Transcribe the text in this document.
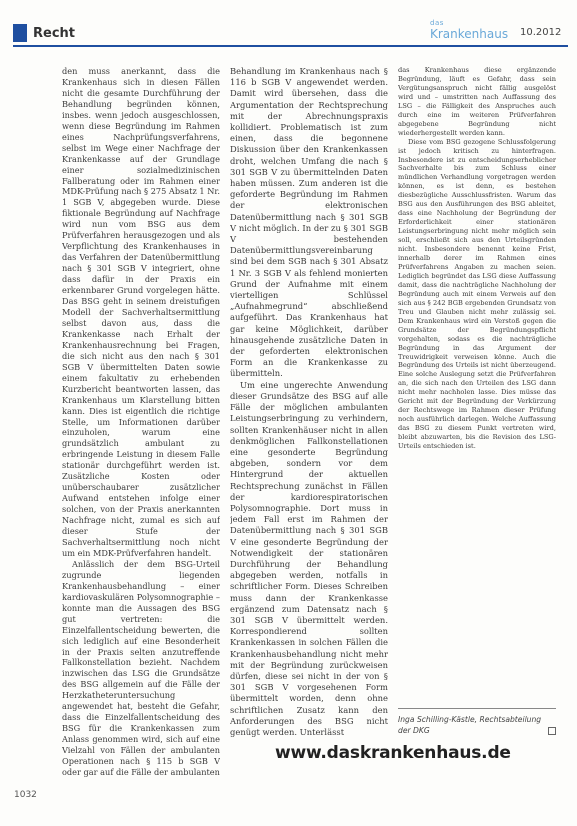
Recht
das
Krankenhaus 10.2012

den muss anerkannt, dass die Krankenhaus sich in diesen Fällen nicht die gesamte Durchführung der Behandlung begründen können, insbes. wenn jedoch ausgeschlossen, wenn diese Begründung im Rahmen eines Nachprüfungsverfahrens, selbst im Wege einer Nachfrage der Krankenkasse auf der Grundlage einer sozialmedizinischen Fallberatung oder im Rahmen einer MDK-Prüfung nach § 275 Absatz 1 Nr. 1 SGB V, abgegeben wurde. Diese fiktionale Begründung auf Nachfrage wird nun vom BSG aus dem Prüfverfahren herausgezogen und als Verpflichtung des Krankenhauses in das Verfahren der Datenübermittlung nach § 301 SGB V integriert, ohne dass dafür in der Praxis ein erkennbarer Grund vorgelegen hätte. Das BSG geht in seinem dreistufigen Modell der Sachverhaltsermittlung selbst davon aus, dass die Krankenkasse nach Erhalt der Krankenhausrechnung bei Fragen, die sich nicht aus den nach § 301 SGB V übermittelten Daten sowie einem fakultativ zu erhebenden Kurzbericht beantworten lassen, das Krankenhaus um Klarstellung bitten kann. Dies ist eigentlich die richtige Stelle, um Informationen darüber einzuholen, warum eine grundsätzlich ambulant zu erbringende Leistung in diesem Falle stationär durchgeführt werden ist. Zusätzliche Kosten oder unüberschaubarer zusätzlicher Aufwand entstehen infolge einer solchen, von der Praxis anerkannten Nachfrage nicht, zumal es sich auf dieser Stufe der Sachverhaltsermittlung noch nicht um ein MDK-Prüfverfahren handelt.

Anlässlich der dem BSG-Urteil zugrunde liegenden Krankenhausbehandlung – einer kardiovaskulären Polysomnographie – konnte man die Aussagen des BSG gut vertreten: die Einzelfallentscheidung bewerten, die sich lediglich auf eine Besonderheit in der Praxis selten anzutreffende Fallkonstellation bezieht. Nachdem inzwischen das LSG die Grundsätze des BSG allgemein auf die Fälle der Herzkatheteruntersuchung angewendet hat, besteht die Gefahr, dass die Einzelfallentscheidung des BSG für die Krankenkassen zum Anlass genommen wird, sich auf eine Vielzahl von Fällen der ambulanten Operationen nach § 115 b SGB V oder gar auf die Fälle der ambulanten

Behandlung im Krankenhaus nach § 116 b SGB V angewendet werden. Damit wird übersehen, dass die Argumentation der Rechtsprechung mit der Abrechnungspraxis kollidiert. Problematisch ist zum einen, dass die begonnene Diskussion über den Krankenkassen droht, welchen Umfang die nach § 301 SGB V zu übermittelnden Daten haben müssen. Zum anderen ist die geforderte Begründung im Rahmen der elektronischen Datenübermittlung nach § 301 SGB V nicht möglich. In der zu § 301 SGB V bestehenden Datenübermittlungsvereinbarung sind bei dem SGB nach § 301 Absatz 1 Nr. 3 SGB V als fehlend monierten Grund der Aufnahme mit einem viertelligen Schlüssel „Aufnahmegrund“ abschließend aufgeführt. Das Krankenhaus hat gar keine Möglichkeit, darüber hinausgehende zusätzliche Daten in der geforderten elektronischen Form an die Krankenkasse zu übermitteln.

Um eine ungerechte Anwendung dieser Grundsätze des BSG auf alle Fälle der möglichen ambulanten Leistungserbringung zu verhindern, sollten Krankenhäuser nicht in allen denkmöglichen Fallkonstellationen eine gesonderte Begründung abgeben, sondern vor dem Hintergrund der aktuellen Rechtsprechung zunächst in Fällen der kardiorespiratorischen Polysomnographie. Dort muss in jedem Fall erst im Rahmen der Datenübermittlung nach § 301 SGB V eine gesonderte Begründung der Notwendigkeit der stationären Durchführung der Behandlung abgegeben werden, notfalls in schriftlicher Form. Dieses Schreiben muss dann der Krankenkasse ergänzend zum Datensatz nach § 301 SGB V übermittelt werden. Korrespondierend sollten Krankenkassen in solchen Fällen die Krankenhausbehandlung nicht mehr mit der Begründung zurückweisen dürfen, diese sei nicht in der von § 301 SGB V vorgesehenen Form übermittelt worden, denn ohne schriftlichen Zusatz kann den Anforderungen des BSG nicht genügt werden. Unterlässt

das Krankenhaus diese ergänzende Begründung, läuft es Gefahr, dass sein Vergütungsanspruch nicht fällig ausgelöst wird und – umstritten nach Auffassung des LSG – die Fälligkeit des Anspruches auch durch eine im weiteren Prüfverfahren abgegebene Begründung nicht wiederhergestellt werden kann.

Diese vom BSG gezogene Schlussfolgerung ist jedoch kritisch zu hinterfragen. Insbesondere ist zu entscheidungserheblicher Sachverhalte bis zum Schluss einer mündlichen Verhandlung vorgetragen werden können, es ist denn, es bestehen diesbezügliche Ausschlussfristen. Warum das BSG aus den Ausführungen des BSG ableitet, dass eine Nachholung der Begründung der Erforderlichkeit einer stationären Leistungserbringung nicht mehr möglich sein soll, erschließt sich aus den Urteilsgründen nicht. Insbesondere benennt keine Frist, innerhalb derer im Rahmen eines Prüfverfahrens Angaben zu machen seien. Lediglich begründet das LSG diese Auffassung damit, dass die nachträgliche Nachholung der Begründung auch mit einem Verweis auf den sich aus § 242 BGB ergebenden Grundsatz von Treu und Glauben nicht mehr zulässig sei. Dem Krankenhaus wird ein Verstoß gegen die Grundsätze der Begründungspflicht vorgehalten, sodass es die nachträgliche Begründung in das Argument der Treuwidrigkeit verweisen könne. Auch die Begründung des Urteils ist nicht überzeugend. Eine solche Auslegung setzt die Prüfverfahren an, die sich nach den Urteilen des LSG dann nicht mehr nachholen lasse. Dies müsse das Gericht mit der Begründung der Verkürzung der Rechtswege im Rahmen dieser Prüfung noch ausführlich darlegen. Welche Auffassung das BSG zu diesem Punkt vertreten wird, bleibt abzuwarten, bis die Revision des LSG-Urteils entschieden ist.

Inga Schilling-Kästle, Rechtsabteilung
der DKG
www.daskrankenhaus.de
1032
